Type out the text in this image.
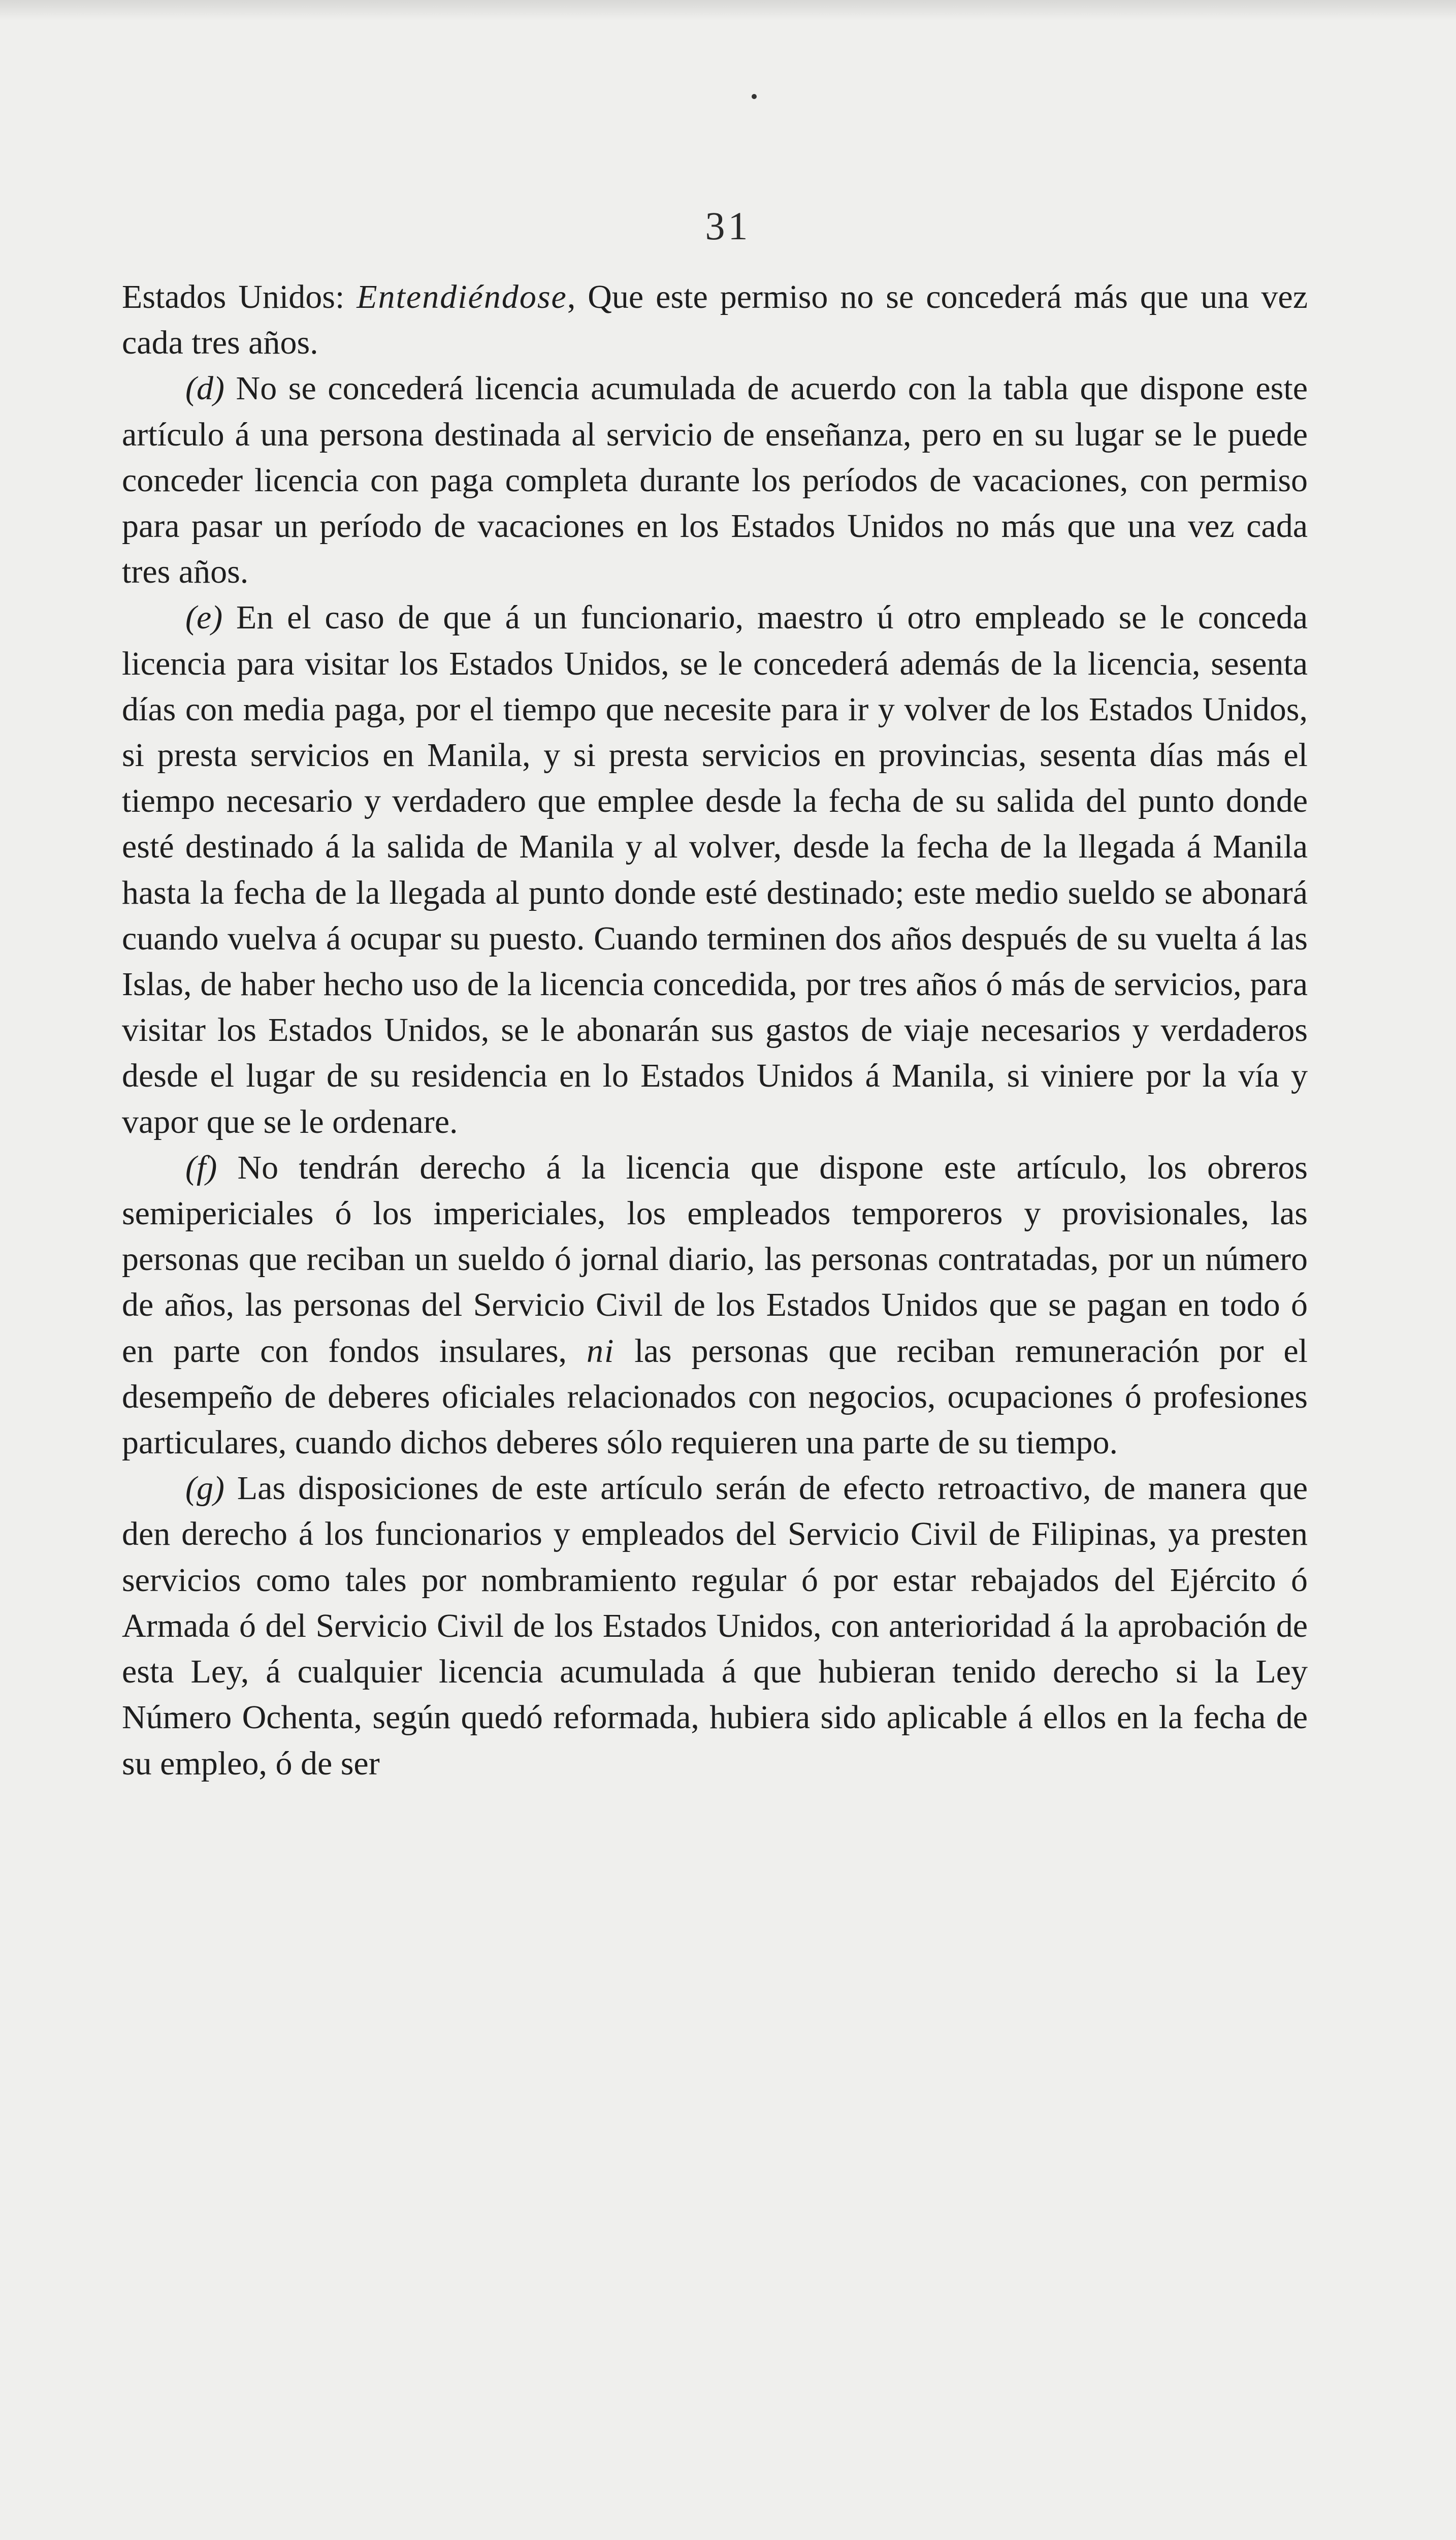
31

Estados Unidos: Entendiéndose, Que este permiso no se concederá más que una vez cada tres años.

(d) No se concederá licencia acumulada de acuerdo con la tabla que dispone este artículo á una persona destinada al servicio de enseñanza, pero en su lugar se le puede conceder licencia con paga completa durante los períodos de vacaciones, con permiso para pasar un período de vacaciones en los Estados Unidos no más que una vez cada tres años.

(e) En el caso de que á un funcionario, maestro ú otro empleado se le conceda licencia para visitar los Estados Unidos, se le concederá además de la licencia, sesenta días con media paga, por el tiempo que necesite para ir y volver de los Estados Unidos, si presta servicios en Manila, y si presta servicios en provincias, sesenta días más el tiempo necesario y verdadero que emplee desde la fecha de su salida del punto donde esté destinado á la salida de Manila y al volver, desde la fecha de la llegada á Manila hasta la fecha de la llegada al punto donde esté destinado; este medio sueldo se abonará cuando vuelva á ocupar su puesto. Cuando terminen dos años después de su vuelta á las Islas, de haber hecho uso de la licencia concedida, por tres años ó más de servicios, para visitar los Estados Unidos, se le abonarán sus gastos de viaje necesarios y verdaderos desde el lugar de su residencia en lo Estados Unidos á Manila, si viniere por la vía y vapor que se le ordenare.

(f) No tendrán derecho á la licencia que dispone este artículo, los obreros semipericiales ó los impericiales, los empleados temporeros y provisionales, las personas que reciban un sueldo ó jornal diario, las personas contratadas, por un número de años, las personas del Servicio Civil de los Estados Unidos que se pagan en todo ó en parte con fondos insulares, ni las personas que reciban remuneración por el desempeño de deberes oficiales relacionados con negocios, ocupaciones ó profesiones particulares, cuando dichos deberes sólo requieren una parte de su tiempo.

(g) Las disposiciones de este artículo serán de efecto retroactivo, de manera que den derecho á los funcionarios y empleados del Servicio Civil de Filipinas, ya presten servicios como tales por nombramiento regular ó por estar rebajados del Ejército ó Armada ó del Servicio Civil de los Estados Unidos, con anterioridad á la aprobación de esta Ley, á cualquier licencia acumulada á que hubieran tenido derecho si la Ley Número Ochenta, según quedó reformada, hubiera sido aplicable á ellos en la fecha de su empleo, ó de ser
